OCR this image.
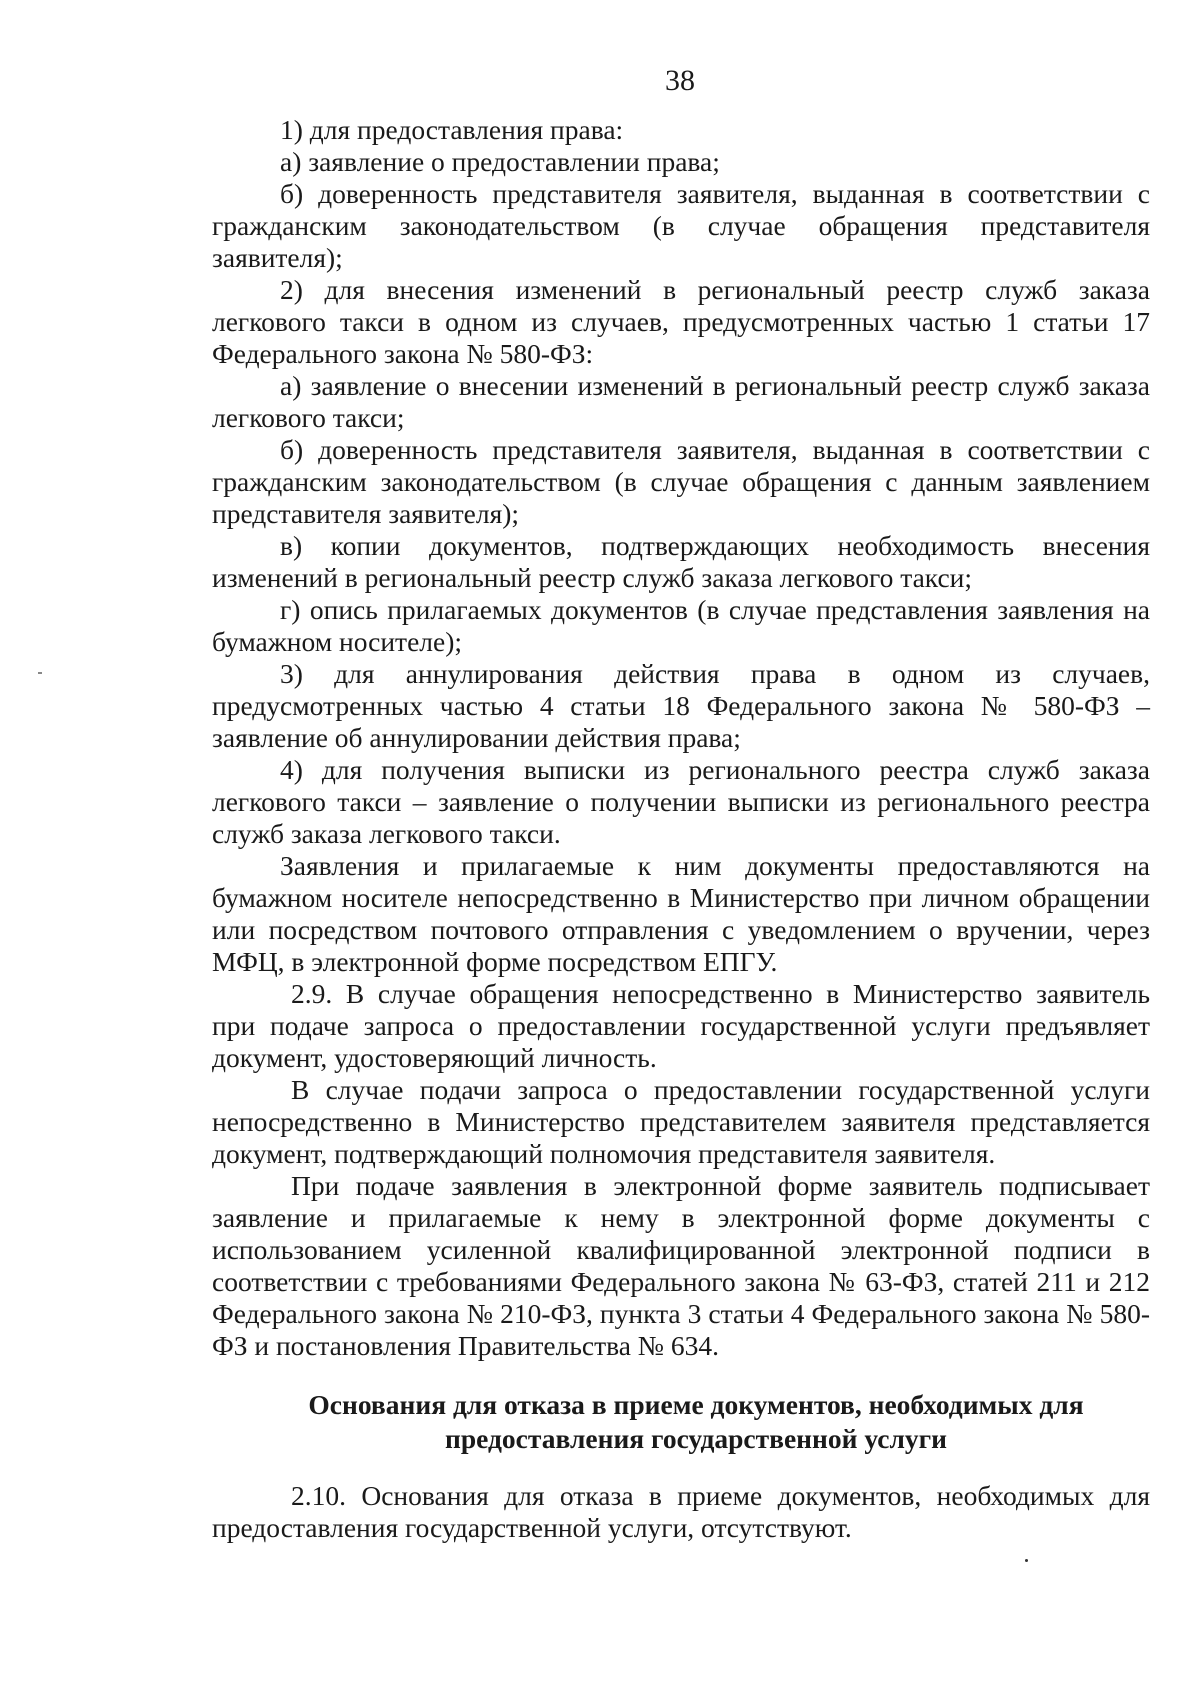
38

1) для предоставления права:

а) заявление о предоставлении права;

б) доверенность представителя заявителя, выданная в соответствии с гражданским законодательством (в случае обращения представителя заявителя);

2) для внесения изменений в региональный реестр служб заказа легкового такси в одном из случаев, предусмотренных частью 1 статьи 17 Федерального закона № 580-ФЗ:

а) заявление о внесении изменений в региональный реестр служб заказа легкового такси;

б) доверенность представителя заявителя, выданная в соответствии с гражданским законодательством (в случае обращения с данным заявлением представителя заявителя);

в) копии документов, подтверждающих необходимость внесения изменений в региональный реестр служб заказа легкового такси;

г) опись прилагаемых документов (в случае представления заявления на бумажном носителе);

3) для аннулирования действия права в одном из случаев, предусмотренных частью 4 статьи 18 Федерального закона № 580-ФЗ – заявление об аннулировании действия права;

4) для получения выписки из регионального реестра служб заказа легкового такси – заявление о получении выписки из регионального реестра служб заказа легкового такси.

Заявления и прилагаемые к ним документы предоставляются на бумажном носителе непосредственно в Министерство при личном обращении или посредством почтового отправления с уведомлением о вручении, через МФЦ, в электронной форме посредством ЕПГУ.

2.9. В случае обращения непосредственно в Министерство заявитель при подаче запроса о предоставлении государственной услуги предъявляет документ, удостоверяющий личность.

В случае подачи запроса о предоставлении государственной услуги непосредственно в Министерство представителем заявителя представляется документ, подтверждающий полномочия представителя заявителя.

При подаче заявления в электронной форме заявитель подписывает заявление и прилагаемые к нему в электронной форме документы с использованием усиленной квалифицированной электронной подписи в соответствии с требованиями Федерального закона № 63-ФЗ, статей 211 и 212 Федерального закона № 210-ФЗ, пункта 3 статьи 4 Федерального закона № 580-ФЗ и постановления Правительства № 634.

Основания для отказа в приеме документов, необходимых для
предоставления государственной услуги

2.10. Основания для отказа в приеме документов, необходимых для предоставления государственной услуги, отсутствуют.
